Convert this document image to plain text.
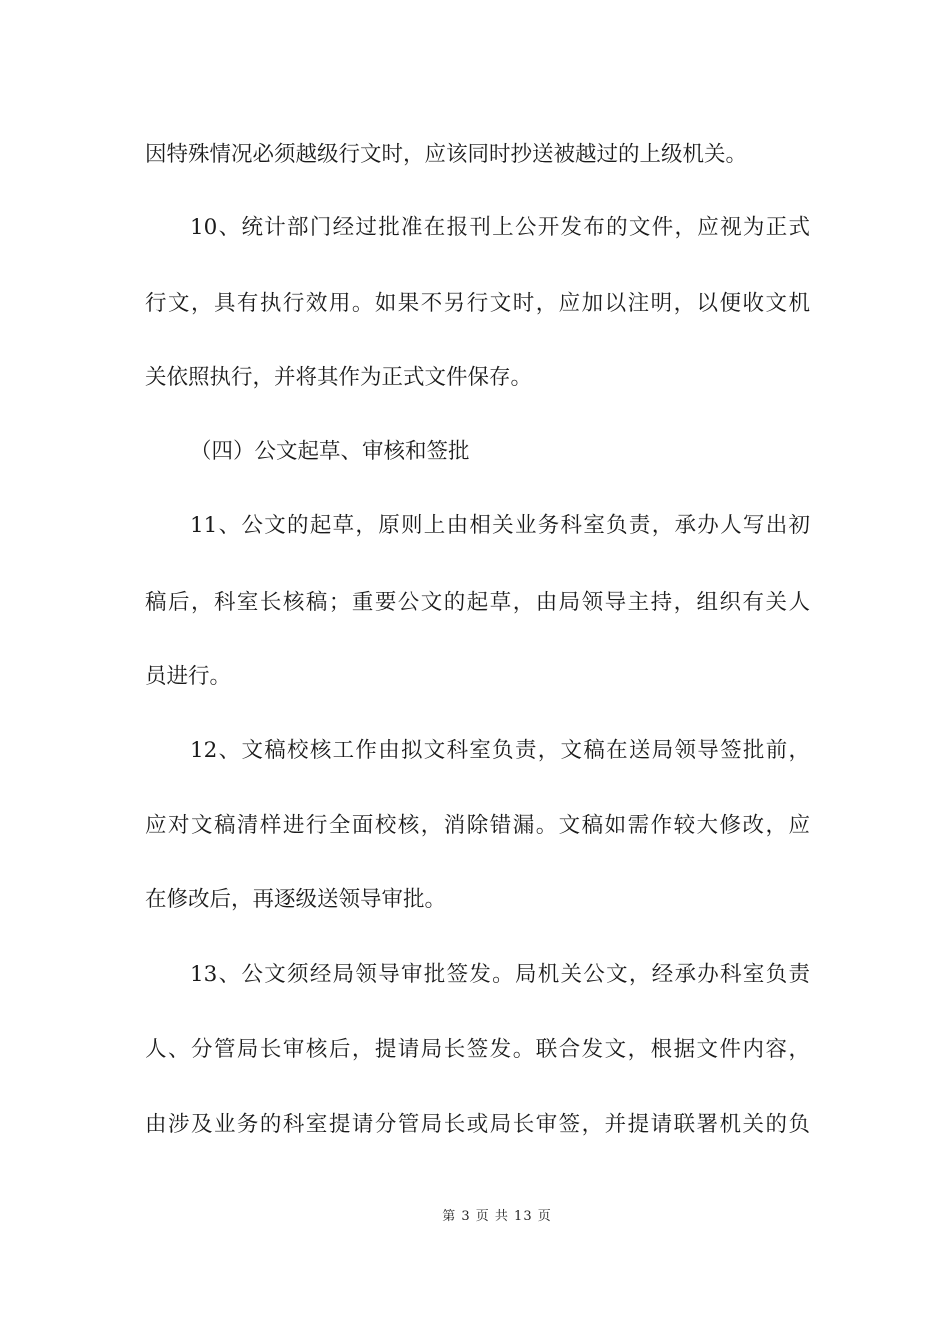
因特殊情况必须越级行文时，应该同时抄送被越过的上级机关。
10、统计部门经过批准在报刊上公开发布的文件，应视为正式
行文，具有执行效用。如果不另行文时，应加以注明，以便收文机
关依照执行，并将其作为正式文件保存。
（四）公文起草、审核和签批
11、公文的起草，原则上由相关业务科室负责，承办人写出初
稿后，科室长核稿；重要公文的起草，由局领导主持，组织有关人
员进行。
12、文稿校核工作由拟文科室负责，文稿在送局领导签批前，
应对文稿清样进行全面校核，消除错漏。文稿如需作较大修改，应
在修改后，再逐级送领导审批。
13、公文须经局领导审批签发。局机关公文，经承办科室负责
人、分管局长审核后，提请局长签发。联合发文，根据文件内容，
由涉及业务的科室提请分管局长或局长审签，并提请联署机关的负
第 3 页 共 13 页
